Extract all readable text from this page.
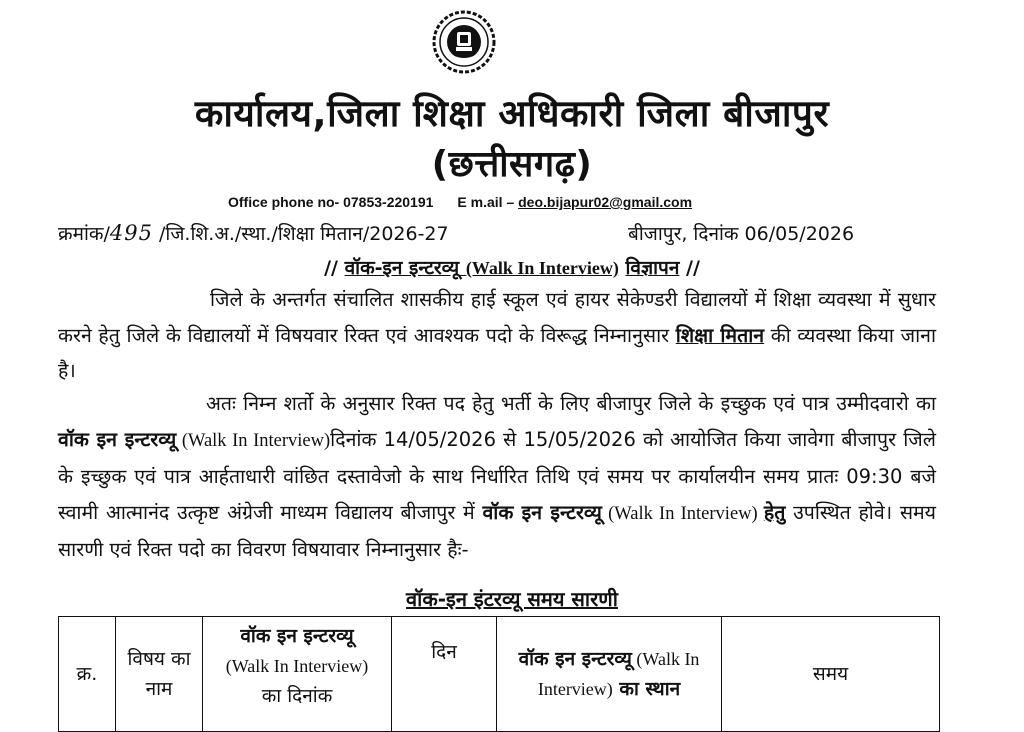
कार्यालय,जिला शिक्षा अधिकारी जिला बीजापुर
(छत्तीसगढ़)
Office phone no- 07853-220191 E m.ail – deo.bijapur02@gmail.com
क्रमांक/495 /जि.शि.अ./स्था./शिक्षा मितान/2026-27	बीजापुर, दिनांक 06/05/2026
// वॉक-इन इन्टरव्यू (Walk In Interview) विज्ञापन //
जिले के अन्तर्गत संचालित शासकीय हाई स्कूल एवं हायर सेकेण्डरी विद्यालयों में शिक्षा व्यवस्था में सुधार करने हेतु जिले के विद्यालयों में विषयवार रिक्त एवं आवश्यक पदो के विरूद्ध निम्नानुसार शिक्षा मितान की व्यवस्था किया जाना है।
अतः निम्न शर्तो के अनुसार रिक्त पद हेतु भर्ती के लिए बीजापुर जिले के इच्छुक एवं पात्र उम्मीदवारो का वॉक इन इन्टरव्यू (Walk In Interview)दिनांक 14/05/2026 से 15/05/2026 को आयोजित किया जावेगा बीजापुर जिले के इच्छुक एवं पात्र आर्हताधारी वांछित दस्तावेजो के साथ निर्धारित तिथि एवं समय पर कार्यालयीन समय प्रातः 09:30 बजे स्वामी आत्मानंद उत्कृष्ट अंग्रेजी माध्यम विद्यालय बीजापुर में वॉक इन इन्टरव्यू (Walk In Interview) हेतु उपस्थित होवे। समय सारणी एवं रिक्त पदो का विवरण विषयावार निम्नानुसार हैः-
वॉक-इन इंटरव्यू समय सारणी
क्र.	विषय का नाम	वॉक इन इन्टरव्यू
(Walk In Interview)
का दिनांक	दिन	वॉक इन इन्टरव्यू (Walk In Interview) का स्थान	समय
